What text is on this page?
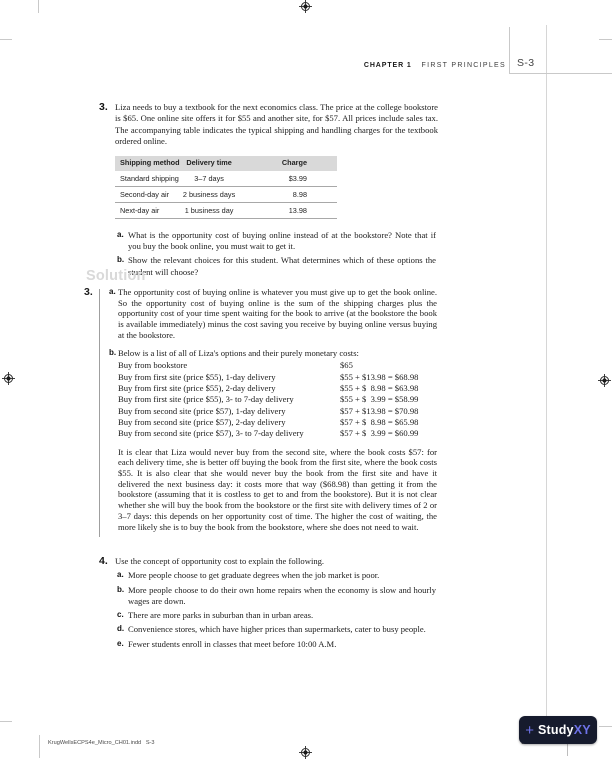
CHAPTER 1 FIRST PRINCIPLES S-3
3. Liza needs to buy a textbook for the next economics class. The price at the college bookstore is $65. One online site offers it for $55 and another site, for $57. All prices include sales tax. The accompanying table indicates the typical shipping and handling charges for the textbook ordered online.

Shipping method	Delivery time	Charge
Standard shipping	3–7 days	$3.99
Second-day air	2 business days	8.98
Next-day air	1 business day	13.98
a. What is the opportunity cost of buying online instead of at the bookstore? Note that if you buy the book online, you must wait to get it.

b. Show the relevant choices for this student. What determines which of these options the student will choose?

Solution
3. a. The opportunity cost of buying online is whatever you must give up to get the book online. So the opportunity cost of buying online is the sum of the shipping charges plus the opportunity cost of your time spent waiting for the book to arrive (at the bookstore the book is available immediately) minus the cost saving you receive by buying online versus buying at the bookstore.

b. Below is a list of all of Liza's options and their purely monetary costs:

Buy from bookstore	$65
Buy from first site (price $55), 1-day delivery	$55 + $13.98 = $68.98
Buy from first site (price $55), 2-day delivery	$55 + $  8.98 = $63.98
Buy from first site (price $55), 3- to 7-day delivery	$55 + $  3.99 = $58.99
Buy from second site (price $57), 1-day delivery	$57 + $13.98 = $70.98
Buy from second site (price $57), 2-day delivery	$57 + $  8.98 = $65.98
Buy from second site (price $57), 3- to 7-day delivery	$57 + $  3.99 = $60.99

It is clear that Liza would never buy from the second site, where the book costs $57: for each delivery time, she is better off buying the book from the first site, where the book costs $55. It is also clear that she would never buy the book from the first site and have it delivered the next business day: it costs more that way ($68.98) than getting it from the bookstore (assuming that it is costless to get to and from the bookstore). But it is not clear whether she will buy the book from the bookstore or the first site with delivery times of 2 or 3–7 days: this depends on her opportunity cost of time. The higher the cost of waiting, the more likely she is to buy the book from the bookstore, where she does not need to wait.

4. Use the concept of opportunity cost to explain the following.

a. More people choose to get graduate degrees when the job market is poor.

b. More people choose to do their own home repairs when the economy is slow and hourly wages are down.

c. There are more parks in suburban than in urban areas.

d. Convenience stores, which have higher prices than supermarkets, cater to busy people.

e. Fewer students enroll in classes that meet before 10:00 A.M.

KrugWellsECPS4e_Micro_CH01.indd   S-3
+ Study XY
